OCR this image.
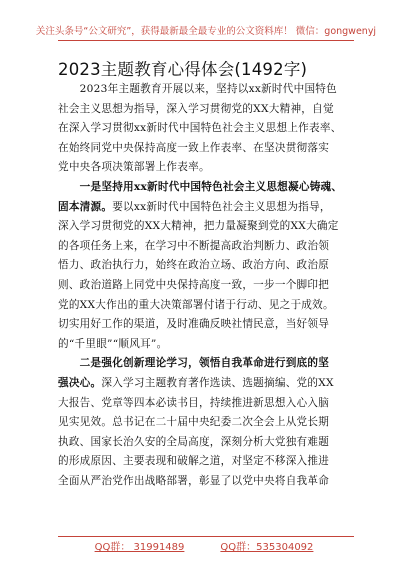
关注头条号“公文研究”，获得最新最全最专业的公文资料库！ 微信：gongwenyj
2023主题教育心得体会(1492字)
　　2023年主题教育开展以来，坚持以xx新时代中国特色
社会主义思想为指导，深入学习贯彻党的XX大精神，自觉
在深入学习贯彻xx新时代中国特色社会主义思想上作表率、
在始终同党中央保持高度一致上作表率、在坚决贯彻落实
党中央各项决策部署上作表率。
　　一是坚持用xx新时代中国特色社会主义思想凝心铸魂、
固本清源。要以xx新时代中国特色社会主义思想为指导，
深入学习贯彻党的XX大精神，把力量凝聚到党的XX大确定
的各项任务上来，在学习中不断提高政治判断力、政治领
悟力、政治执行力，始终在政治立场、政治方向、政治原
则、政治道路上同党中央保持高度一致，一步一个脚印把
党的XX大作出的重大决策部署付诸于行动、见之于成效。
切实用好工作的渠道，及时准确反映社情民意，当好领导
的“千里眼”“顺风耳”。
　　二是强化创新理论学习，领悟自我革命进行到底的坚
强决心。深入学习主题教育著作选读、选题摘编、党的XX
大报告、党章等四本必读书目，持续推进新思想入心入脑
见实见效。总书记在二十届中央纪委二次全会上从党长期
执政、国家长治久安的全局高度，深刻分析大党独有难题
的形成原因、主要表现和破解之道，对坚定不移深入推进
全面从严治党作出战略部署，彰显了以党中央将自我革命
QQ群： 31991489	QQ群：535304092
